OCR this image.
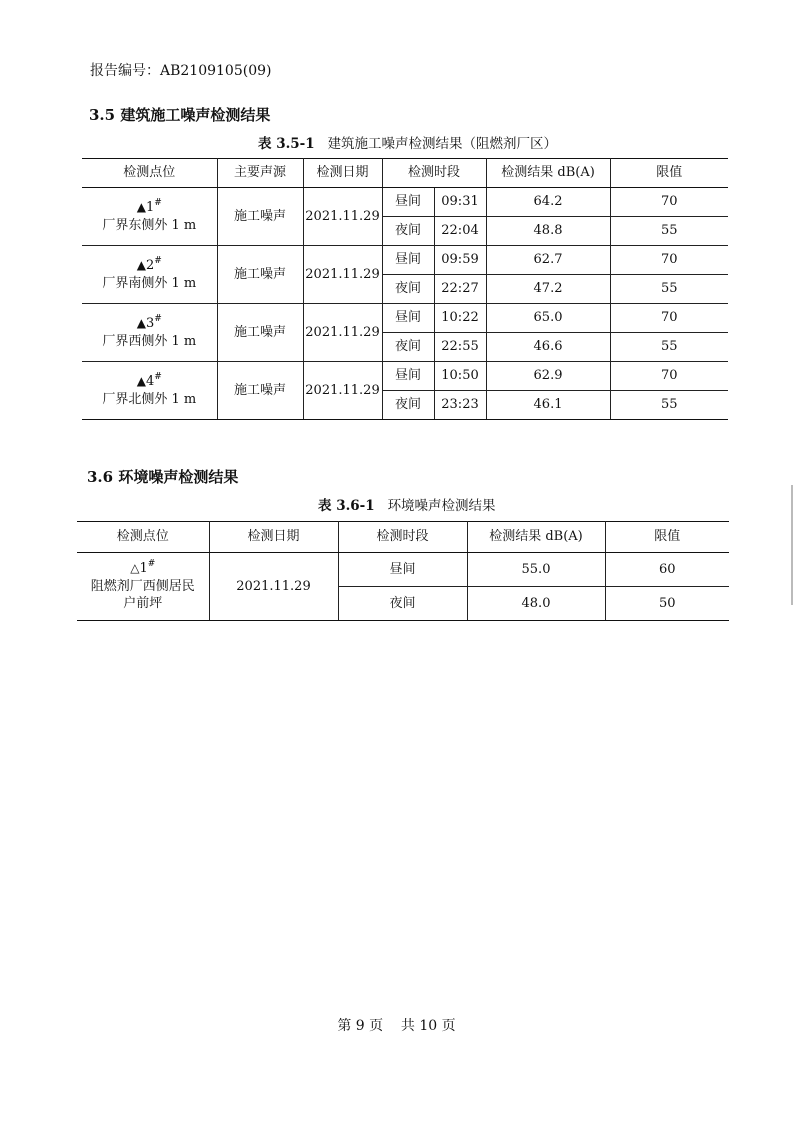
报告编号：AB2109105(09)
3.5 建筑施工噪声检测结果
表 3.5-1 建筑施工噪声检测结果（阻燃剂厂区）
检测点位	主要声源	检测日期	检测时段		检测结果 dB(A)	限值

▲1#
厂界东侧外 1 m	施工噪声	2021.11.29	昼间	09:31	64.2	70
			夜间	22:04	48.8	55

▲2#
厂界南侧外 1 m	施工噪声	2021.11.29	昼间	09:59	62.7	70
			夜间	22:27	47.2	55

▲3#
厂界西侧外 1 m	施工噪声	2021.11.29	昼间	10:22	65.0	70
			夜间	22:55	46.6	55

▲4#
厂界北侧外 1 m	施工噪声	2021.11.29	昼间	10:50	62.9	70
			夜间	23:23	46.1	55
3.6 环境噪声检测结果
表 3.6-1 环境噪声检测结果
检测点位	检测日期	检测时段	检测结果 dB(A)	限值

△1#
阻燃剂厂西侧居民
户前坪	2021.11.29	昼间	55.0	60
		夜间	48.0	50
第 9 页    共 10 页
